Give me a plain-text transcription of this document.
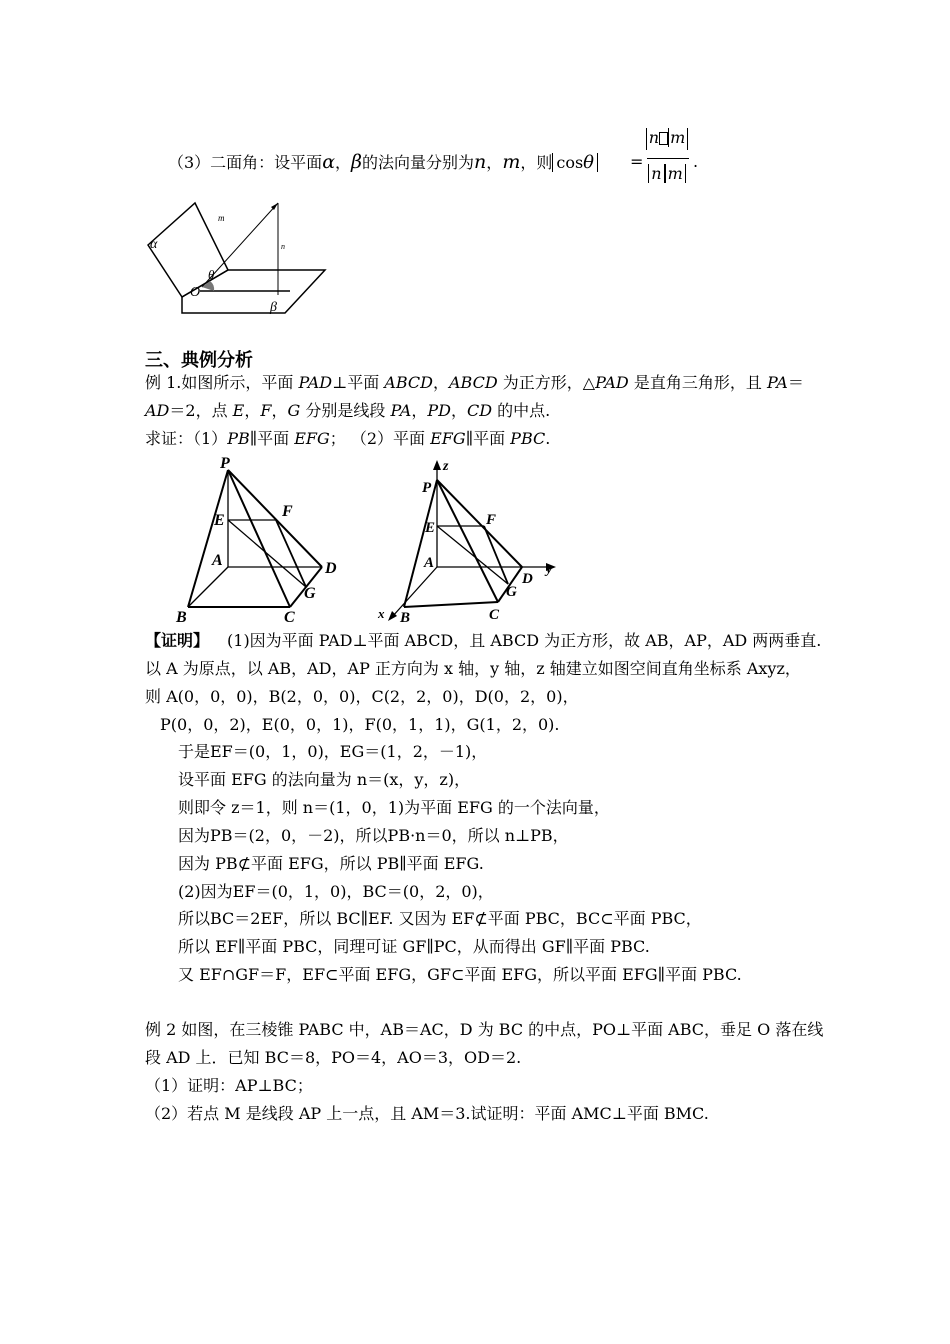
（3）二面角：设平面α，β的法向量分别为n，m，则 cosθ =
n m
n m
.
α
β
O
θ
m
n
三、典例分析
例 1.如图所示，平面 PAD⊥平面 ABCD，ABCD 为正方形，△PAD 是直角三角形，且 PA＝
AD＝2，点 E，F，G 分别是线段 PA，PD，CD 的中点.
求证：（1）PB∥平面 EFG； （2）平面 EFG∥平面 PBC.
P
E
F
A	D
G
B	C
z
P
E	F
A
D
y
G
x B	C
【证明】 (1)因为平面 PAD⊥平面 ABCD，且 ABCD 为正方形，故 AB，AP，AD 两两垂直.
以 A 为原点，以 AB，AD，AP 正方向为 x 轴，y 轴，z 轴建立如图空间直角坐标系 Axyz，
则 A(0，0，0)，B(2，0，0)，C(2，2，0)，D(0，2，0)，
P(0，0，2)，E(0，0，1)，F(0，1，1)，G(1，2，0).
于是EF＝(0，1，0)，EG＝(1，2，－1)，
设平面 EFG 的法向量为 n＝(x，y，z)，
则即令 z＝1，则 n＝(1，0，1)为平面 EFG 的一个法向量，
因为PB＝(2，0，－2)，所以PB·n＝0，所以 n⊥PB，
因为 PB⊄平面 EFG，所以 PB∥平面 EFG.
(2)因为EF＝(0，1，0)，BC＝(0，2，0)，
所以BC＝2EF，所以 BC∥EF. 又因为 EF⊄平面 PBC，BC⊂平面 PBC，
所以 EF∥平面 PBC，同理可证 GF∥PC，从而得出 GF∥平面 PBC.
又 EF∩GF＝F，EF⊂平面 EFG，GF⊂平面 EFG，所以平面 EFG∥平面 PBC.
例 2 如图，在三棱锥 PABC 中，AB＝AC，D 为 BC 的中点，PO⊥平面 ABC，垂足 O 落在线
段 AD 上．已知 BC＝8，PO＝4，AO＝3，OD＝2.
（1）证明：AP⊥BC；
（2）若点 M 是线段 AP 上一点，且 AM＝3.试证明：平面 AMC⊥平面 BMC.
